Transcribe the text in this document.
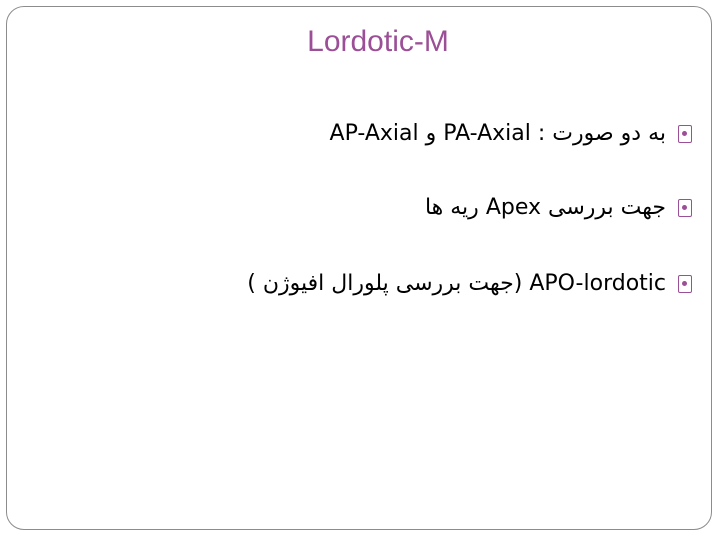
Lordotic-M
به دو صورت : PA-Axial و AP-Axial
جهت بررسی Apex ریه ها
APO-lordotic (جهت بررسی پلورال افیوژن )
